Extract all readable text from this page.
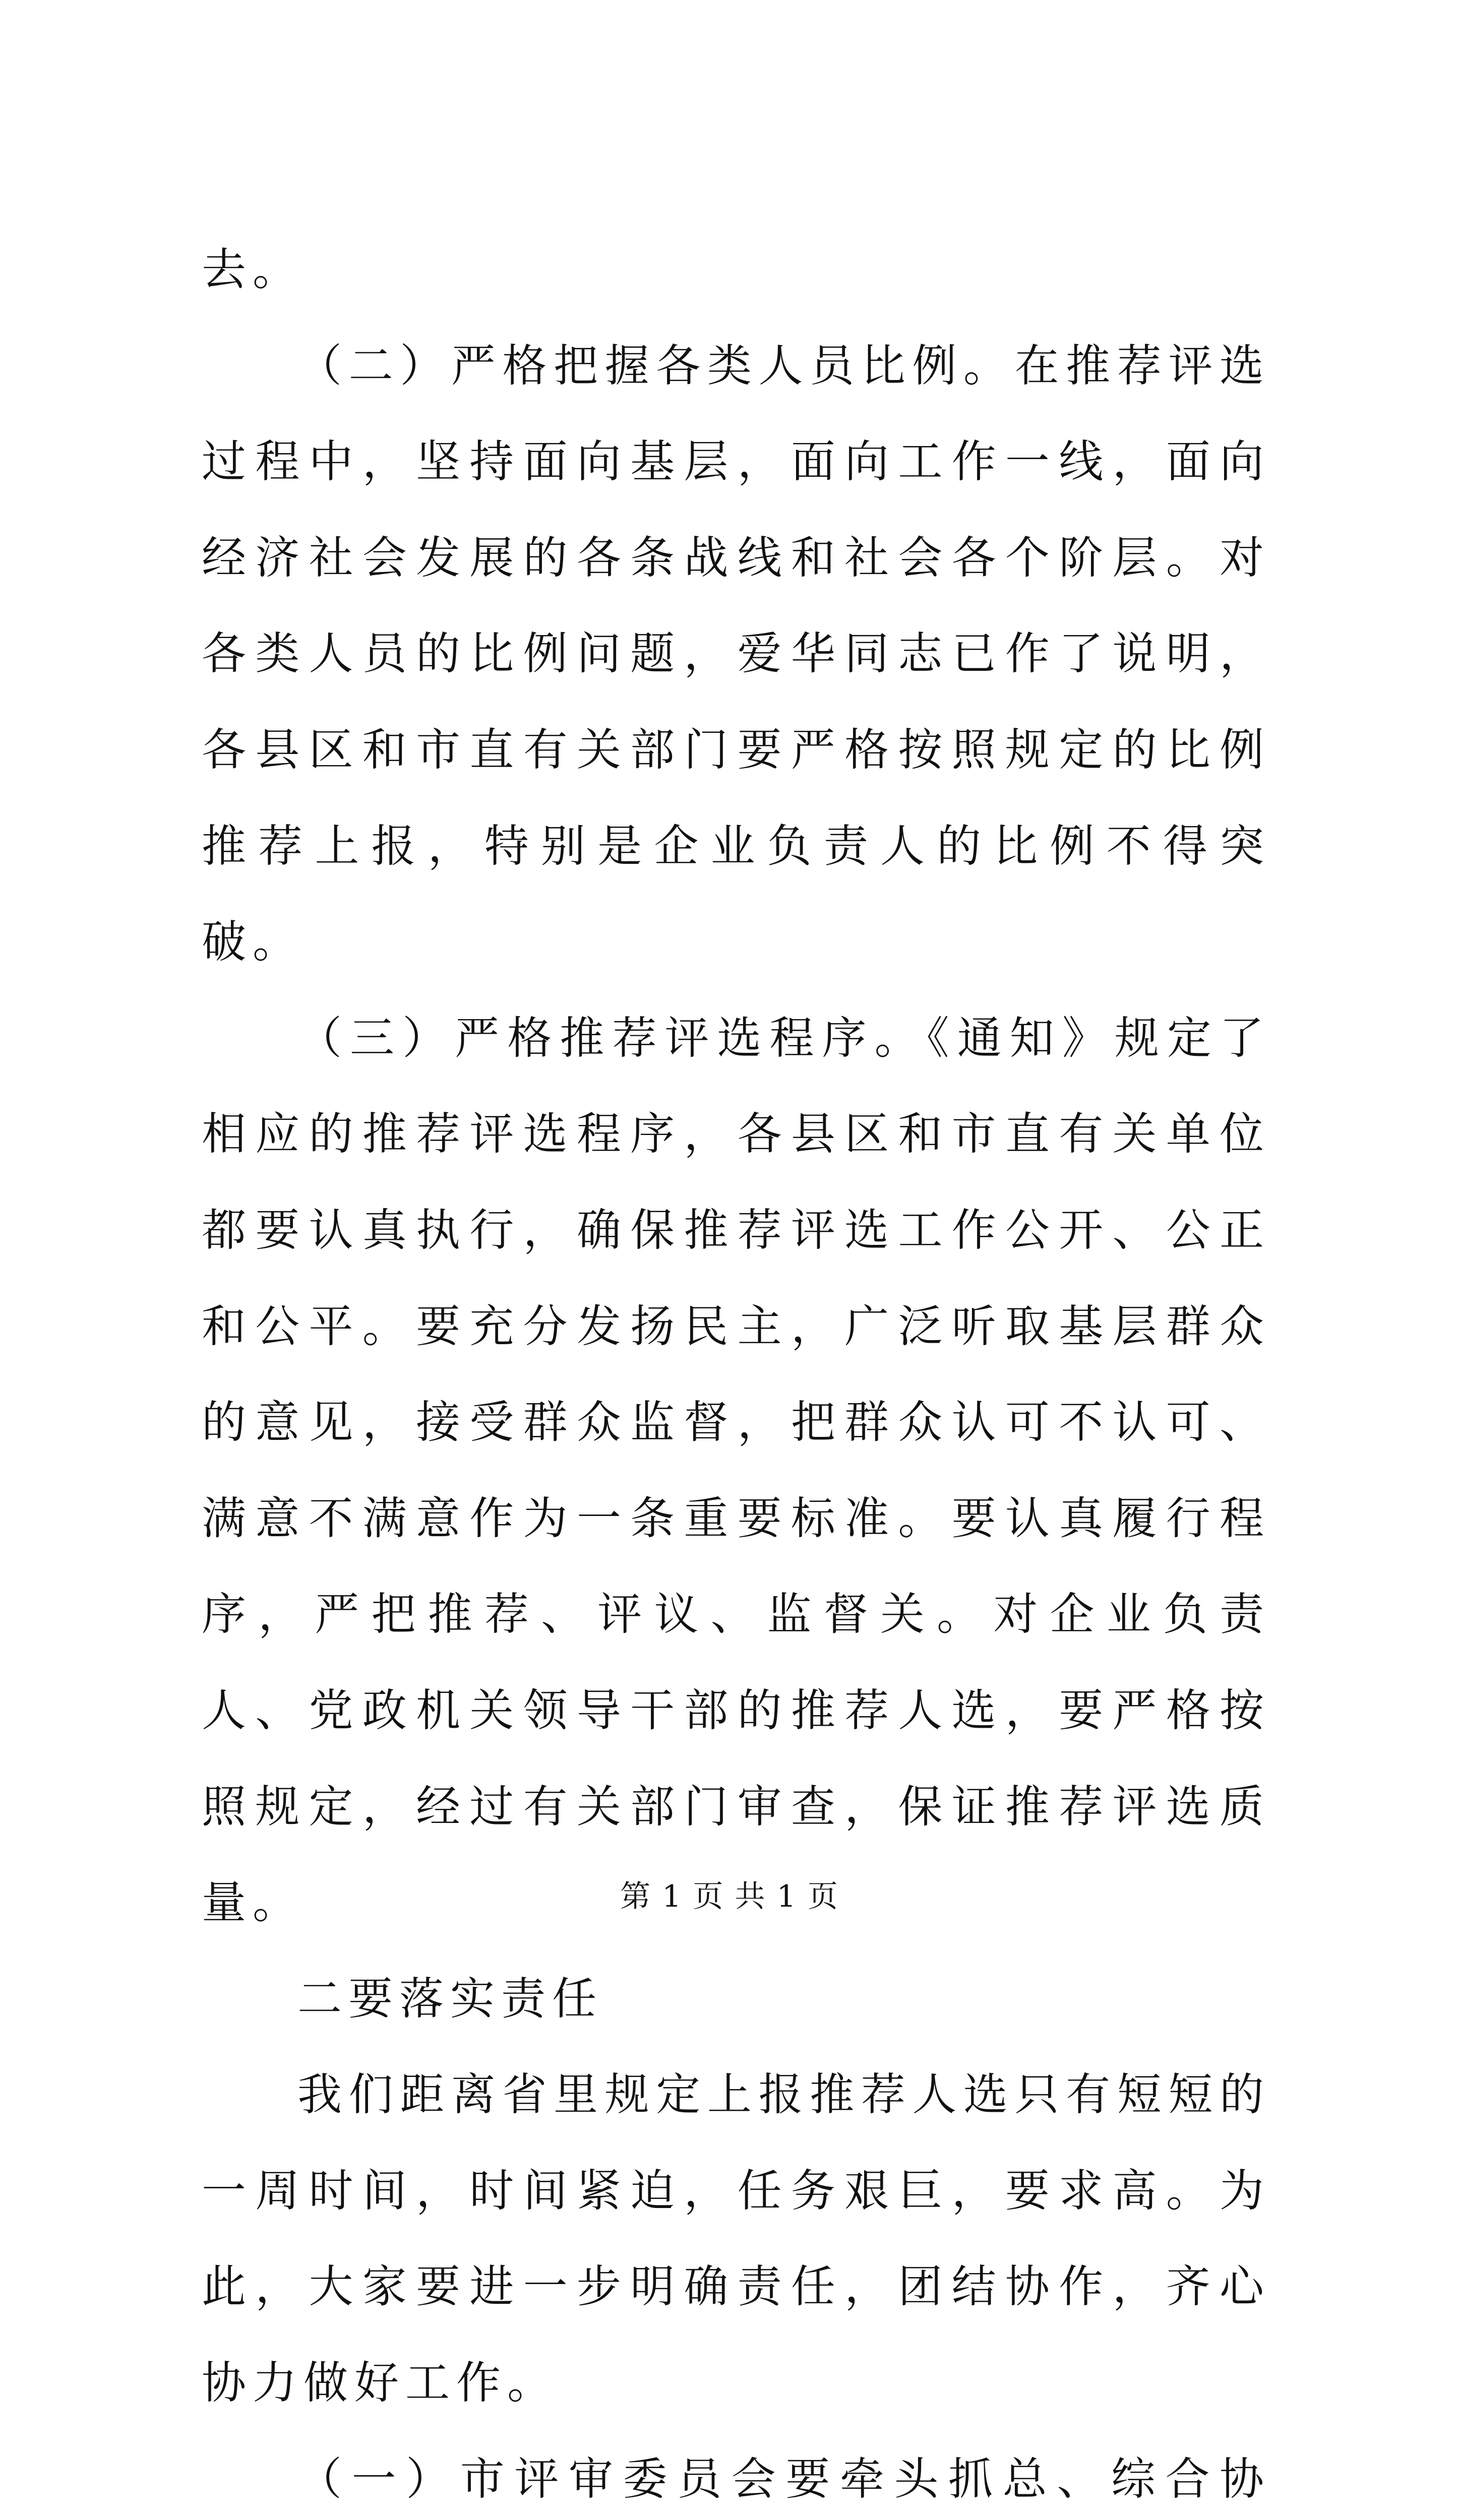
去。

（二）严格把握各类人员比例。在推荐评选过程中，坚持面向基层，面向工作一线，面向经济社会发展的各条战线和社会各个阶层。对各类人员的比例问题，爱华同志已作了说明，各县区和市直有关部门要严格按照规定的比例推荐上报，特别是企业负责人的比例不得突破。

（三）严格推荐评选程序。《通知》规定了相应的推荐评选程序，各县区和市直有关单位都要认真执行，确保推荐评选工作公开、公正和公平。要充分发扬民主，广泛听取基层群众的意见，接受群众监督，把群众认可不认可、满意不满意作为一条重要标准。要认真履行程序，严把推荐、评议、监督关。对企业负责人、党政机关领导干部的推荐人选，要严格按照规定，经过有关部门审查，保证推荐评选质量。

二要落实责任

我们距离省里规定上报推荐人选只有短短的一周时间，时间紧迫，任务艰巨，要求高。为此，大家要进一步明确责任，团结协作，齐心协力做好工作。

（一）市评审委员会要牵头抓总、综合协

第 1 页 共 1 页
